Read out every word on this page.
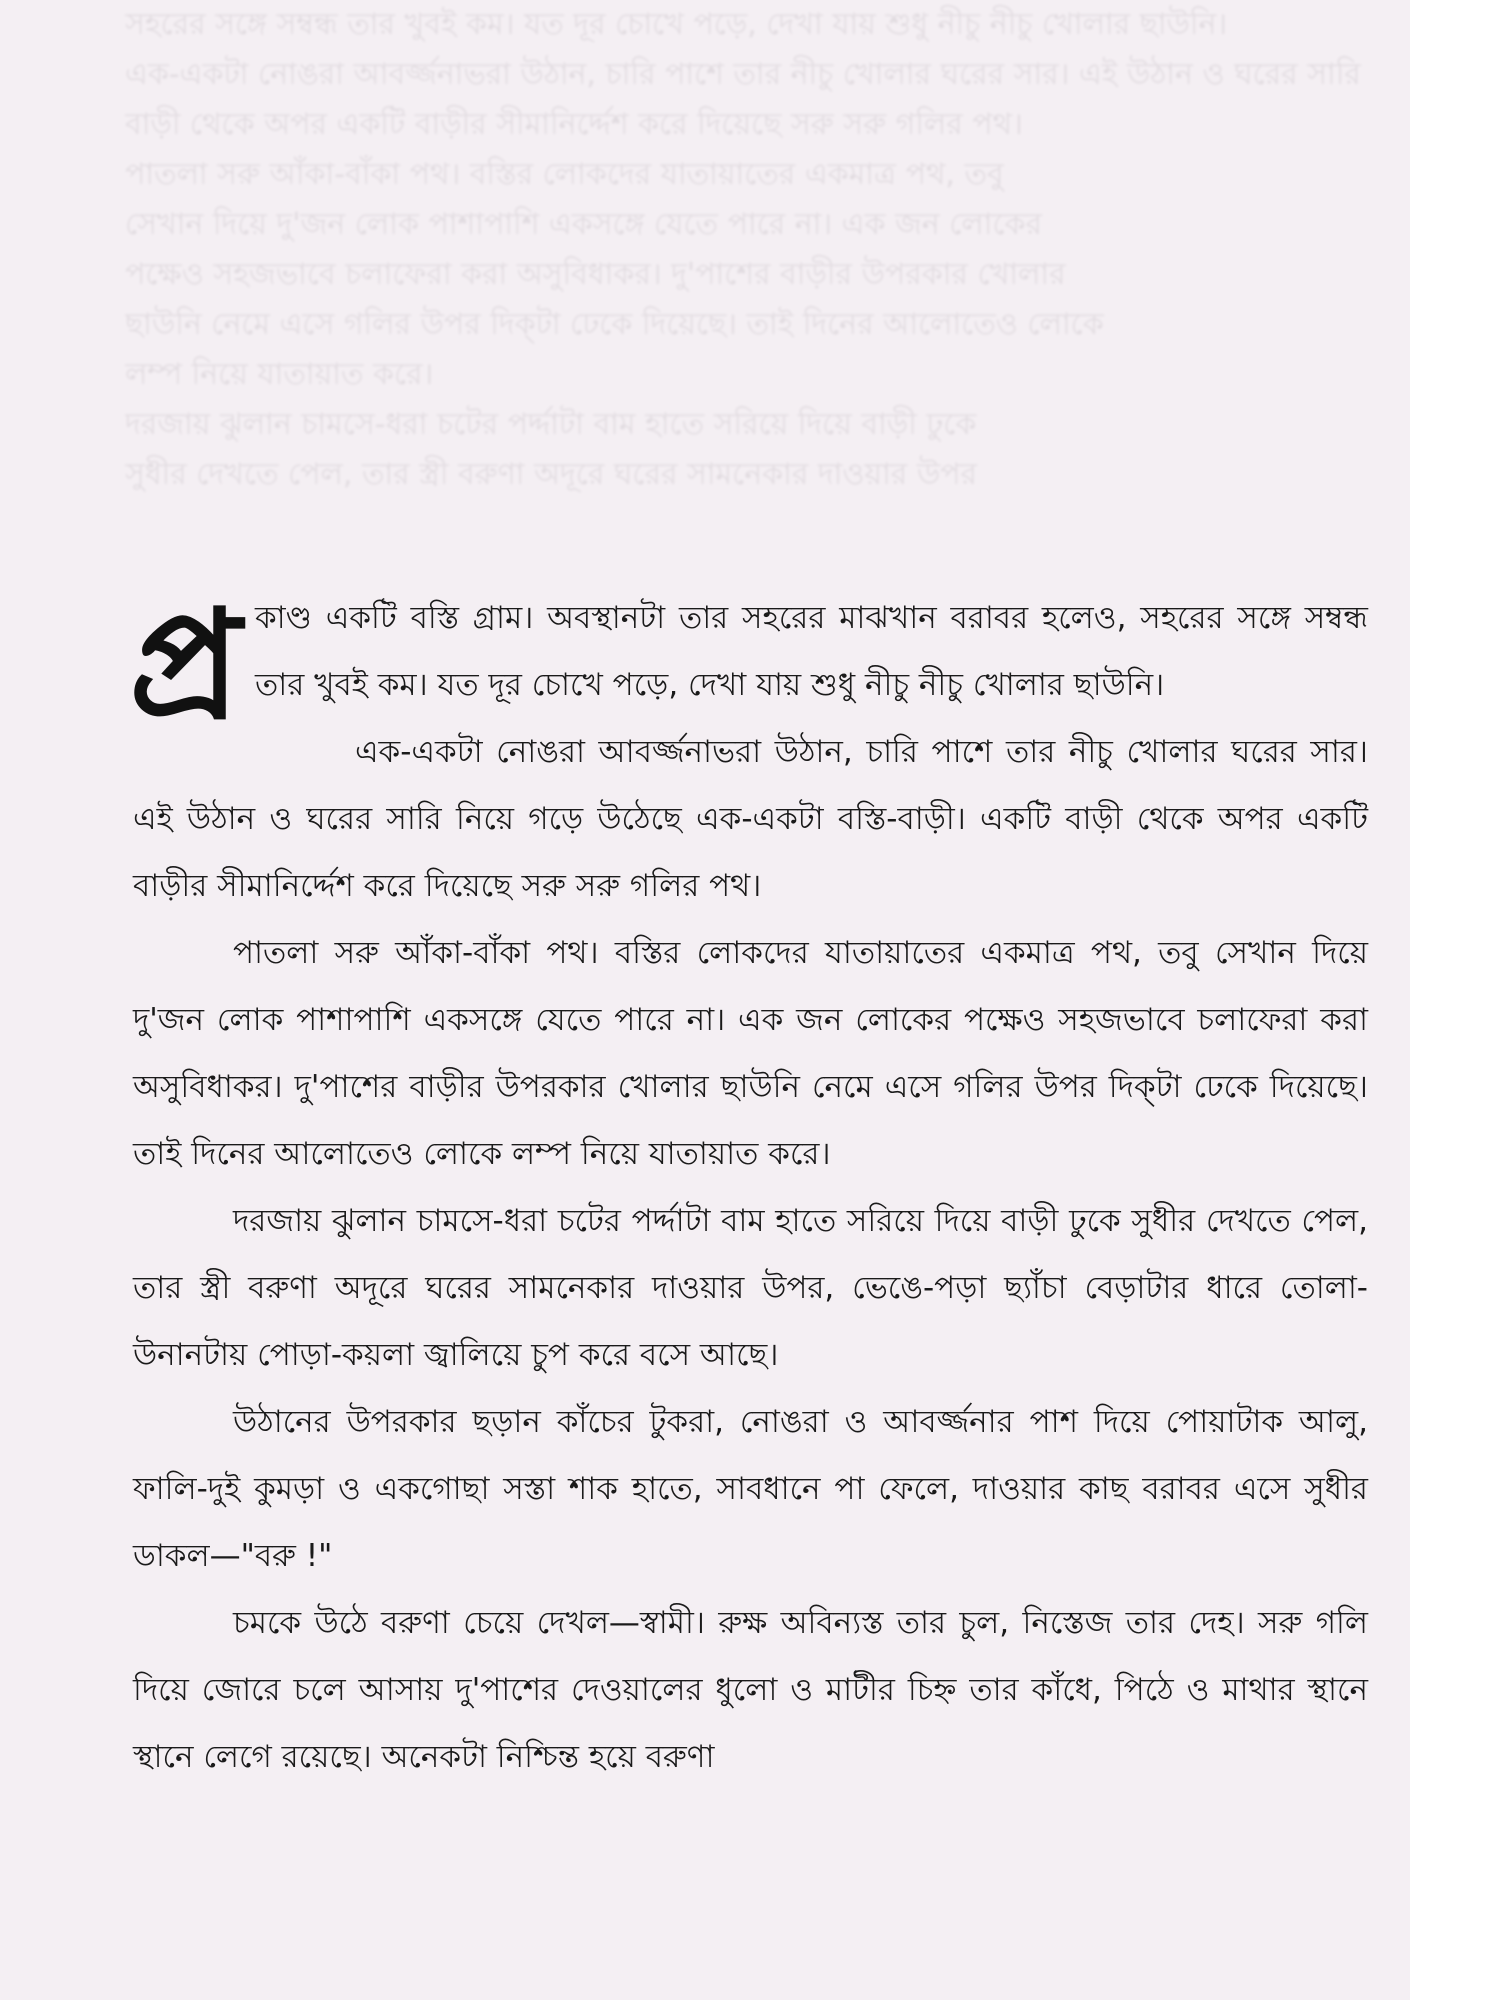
সহরের সঙ্গে সম্বন্ধ তার খুবই কম। যত দূর চোখে পড়ে, দেখা যায় শুধু নীচু নীচু খোলার ছাউনি।
এক-একটা নোঙরা আবর্জ্জনাভরা উঠান, চারি পাশে তার নীচু খোলার ঘরের সার। এই উঠান ও ঘরের সারি
বাড়ী থেকে অপর একটি বাড়ীর সীমানির্দ্দেশ করে দিয়েছে সরু সরু গলির পথ।
পাতলা সরু আঁকা-বাঁকা পথ। বস্তির লোকদের যাতায়াতের একমাত্র পথ, তবু
সেখান দিয়ে দু'জন লোক পাশাপাশি একসঙ্গে যেতে পারে না। এক জন লোকের
পক্ষেও সহজভাবে চলাফেরা করা অসুবিধাকর। দু'পাশের বাড়ীর উপরকার খোলার
ছাউনি নেমে এসে গলির উপর দিক্‌টা ঢেকে দিয়েছে। তাই দিনের আলোতেও লোকে
লম্প নিয়ে যাতায়াত করে।
দরজায় ঝুলান চামসে-ধরা চটের পর্দ্দাটা বাম হাতে সরিয়ে দিয়ে বাড়ী ঢুকে
সুধীর দেখতে পেল, তার স্ত্রী বরুণা অদূরে ঘরের সামনেকার দাওয়ার উপর
প্র কাণ্ড একটি বস্তি গ্রাম। অবস্থানটা তার সহরের মাঝখান বরাবর হলেও, সহরের সঙ্গে সম্বন্ধ তার খুবই কম। যত দূর চোখে পড়ে, দেখা যায় শুধু নীচু নীচু খোলার ছাউনি।

এক-একটা নোঙরা আবর্জ্জনাভরা উঠান, চারি পাশে তার নীচু খোলার ঘরের সার। এই উঠান ও ঘরের সারি নিয়ে গড়ে উঠেছে এক-একটা বস্তি-বাড়ী। একটি বাড়ী থেকে অপর একটি বাড়ীর সীমানির্দ্দেশ করে দিয়েছে সরু সরু গলির পথ।

পাতলা সরু আঁকা-বাঁকা পথ। বস্তির লোকদের যাতায়াতের একমাত্র পথ, তবু সেখান দিয়ে দু'জন লোক পাশাপাশি একসঙ্গে যেতে পারে না। এক জন লোকের পক্ষেও সহজভাবে চলাফেরা করা অসুবিধাকর। দু'পাশের বাড়ীর উপরকার খোলার ছাউনি নেমে এসে গলির উপর দিক্‌টা ঢেকে দিয়েছে। তাই দিনের আলোতেও লোকে লম্প নিয়ে যাতায়াত করে।

দরজায় ঝুলান চামসে-ধরা চটের পর্দ্দাটা বাম হাতে সরিয়ে দিয়ে বাড়ী ঢুকে সুধীর দেখতে পেল, তার স্ত্রী বরুণা অদূরে ঘরের সামনেকার দাওয়ার উপর, ভেঙে-পড়া ছ্যাঁচা বেড়াটার ধারে তোলা-উনানটায় পোড়া-কয়লা জ্বালিয়ে চুপ করে বসে আছে।

উঠানের উপরকার ছড়ান কাঁচের টুকরা, নোঙরা ও আবর্জ্জনার পাশ দিয়ে পোয়াটাক আলু, ফালি-দুই কুমড়া ও একগোছা সস্তা শাক হাতে, সাবধানে পা ফেলে, দাওয়ার কাছ বরাবর এসে সুধীর ডাকল—"বরু !"

চমকে উঠে বরুণা চেয়ে দেখল—স্বামী। রুক্ষ অবিন্যস্ত তার চুল, নিস্তেজ তার দেহ। সরু গলি দিয়ে জোরে চলে আসায় দু'পাশের দেওয়ালের ধুলো ও মাটীর চিহ্ন তার কাঁধে, পিঠে ও মাথার স্থানে স্থানে লেগে রয়েছে। অনেকটা নিশ্চিন্ত হয়ে বরুণা
